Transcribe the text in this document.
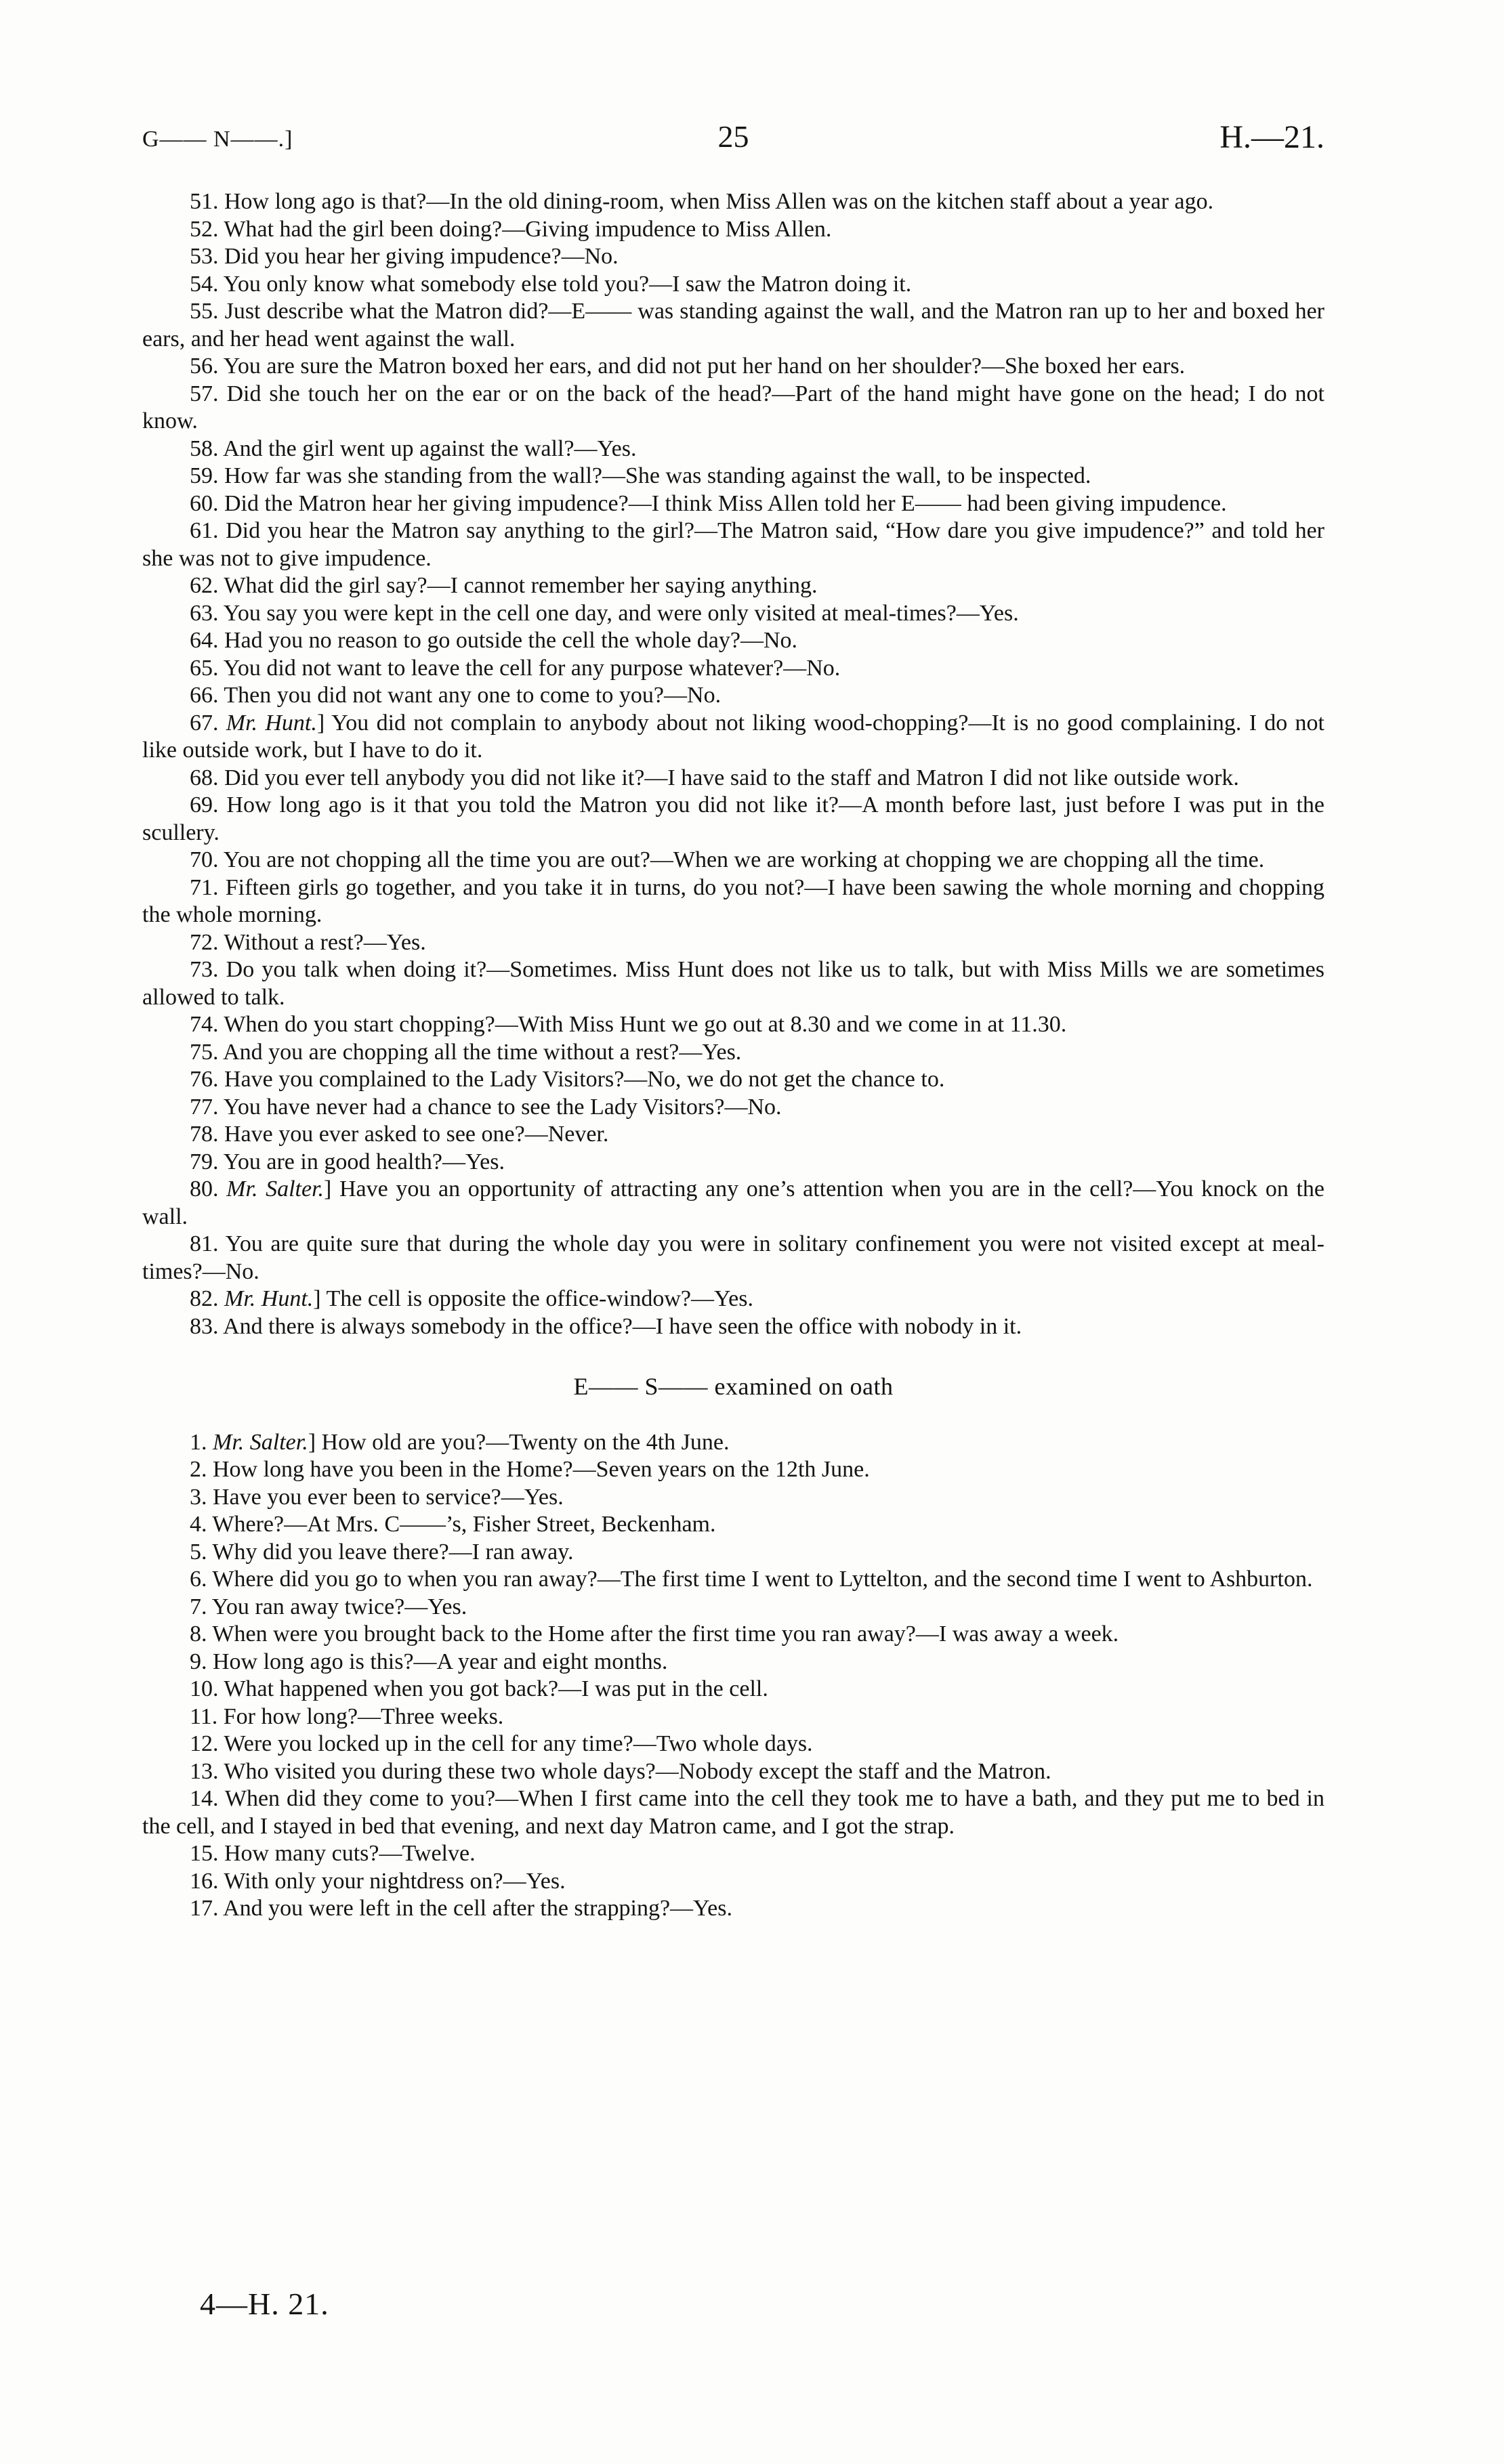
G—— N——.]	25	H.—21.

51. How long ago is that?—In the old dining-room, when Miss Allen was on the kitchen staff about a year ago.

52. What had the girl been doing?—Giving impudence to Miss Allen.

53. Did you hear her giving impudence?—No.

54. You only know what somebody else told you?—I saw the Matron doing it.

55. Just describe what the Matron did?—E—— was standing against the wall, and the Matron ran up to her and boxed her ears, and her head went against the wall.

56. You are sure the Matron boxed her ears, and did not put her hand on her shoulder?—She boxed her ears.

57. Did she touch her on the ear or on the back of the head?—Part of the hand might have gone on the head; I do not know.

58. And the girl went up against the wall?—Yes.

59. How far was she standing from the wall?—She was standing against the wall, to be inspected.

60. Did the Matron hear her giving impudence?—I think Miss Allen told her E—— had been giving impudence.

61. Did you hear the Matron say anything to the girl?—The Matron said, “How dare you give impudence?” and told her she was not to give impudence.

62. What did the girl say?—I cannot remember her saying anything.

63. You say you were kept in the cell one day, and were only visited at meal-times?—Yes.

64. Had you no reason to go outside the cell the whole day?—No.

65. You did not want to leave the cell for any purpose whatever?—No.

66. Then you did not want any one to come to you?—No.

67. Mr. Hunt.] You did not complain to anybody about not liking wood-chopping?—It is no good complaining. I do not like outside work, but I have to do it.

68. Did you ever tell anybody you did not like it?—I have said to the staff and Matron I did not like outside work.

69. How long ago is it that you told the Matron you did not like it?—A month before last, just before I was put in the scullery.

70. You are not chopping all the time you are out?—When we are working at chopping we are chopping all the time.

71. Fifteen girls go together, and you take it in turns, do you not?—I have been sawing the whole morning and chopping the whole morning.

72. Without a rest?—Yes.

73. Do you talk when doing it?—Sometimes. Miss Hunt does not like us to talk, but with Miss Mills we are sometimes allowed to talk.

74. When do you start chopping?—With Miss Hunt we go out at 8.30 and we come in at 11.30.

75. And you are chopping all the time without a rest?—Yes.

76. Have you complained to the Lady Visitors?—No, we do not get the chance to.

77. You have never had a chance to see the Lady Visitors?—No.

78. Have you ever asked to see one?—Never.

79. You are in good health?—Yes.

80. Mr. Salter.] Have you an opportunity of attracting any one’s attention when you are in the cell?—You knock on the wall.

81. You are quite sure that during the whole day you were in solitary confinement you were not visited except at meal-times?—No.

82. Mr. Hunt.] The cell is opposite the office-window?—Yes.

83. And there is always somebody in the office?—I have seen the office with nobody in it.

E—— S—— examined on oath

1. Mr. Salter.] How old are you?—Twenty on the 4th June.

2. How long have you been in the Home?—Seven years on the 12th June.

3. Have you ever been to service?—Yes.

4. Where?—At Mrs. C——’s, Fisher Street, Beckenham.

5. Why did you leave there?—I ran away.

6. Where did you go to when you ran away?—The first time I went to Lyttelton, and the second time I went to Ashburton.

7. You ran away twice?—Yes.

8. When were you brought back to the Home after the first time you ran away?—I was away a week.

9. How long ago is this?—A year and eight months.

10. What happened when you got back?—I was put in the cell.

11. For how long?—Three weeks.

12. Were you locked up in the cell for any time?—Two whole days.

13. Who visited you during these two whole days?—Nobody except the staff and the Matron.

14. When did they come to you?—When I first came into the cell they took me to have a bath, and they put me to bed in the cell, and I stayed in bed that evening, and next day Matron came, and I got the strap.

15. How many cuts?—Twelve.

16. With only your nightdress on?—Yes.

17. And you were left in the cell after the strapping?—Yes.

4—H. 21.
